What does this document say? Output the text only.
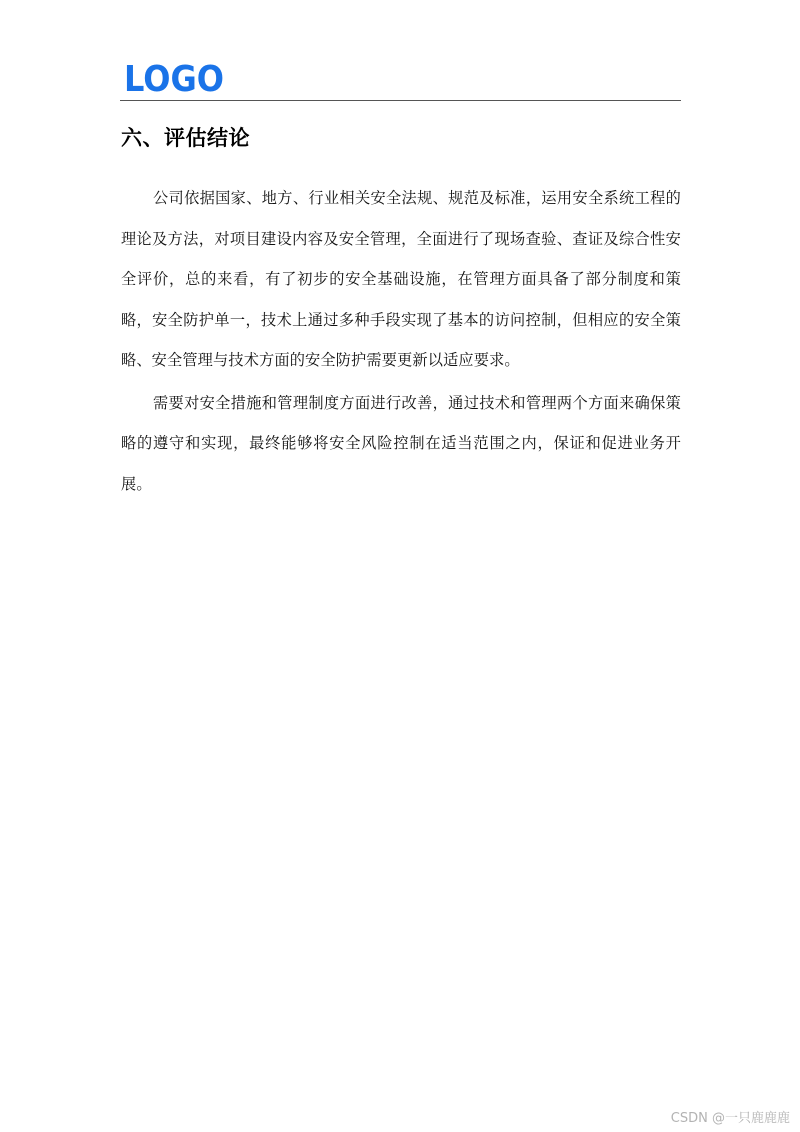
LOGO
六、评估结论

公司依据国家、地方、行业相关安全法规、规范及标准，运用安全系统工程的理论及方法，对项目建设内容及安全管理，全面进行了现场查验、查证及综合性安全评价，总的来看，有了初步的安全基础设施，在管理方面具备了部分制度和策略，安全防护单一，技术上通过多种手段实现了基本的访问控制，但相应的安全策略、安全管理与技术方面的安全防护需要更新以适应要求。

需要对安全措施和管理制度方面进行改善，通过技术和管理两个方面来确保策略的遵守和实现，最终能够将安全风险控制在适当范围之内，保证和促进业务开展。

CSDN @一只鹿鹿鹿
